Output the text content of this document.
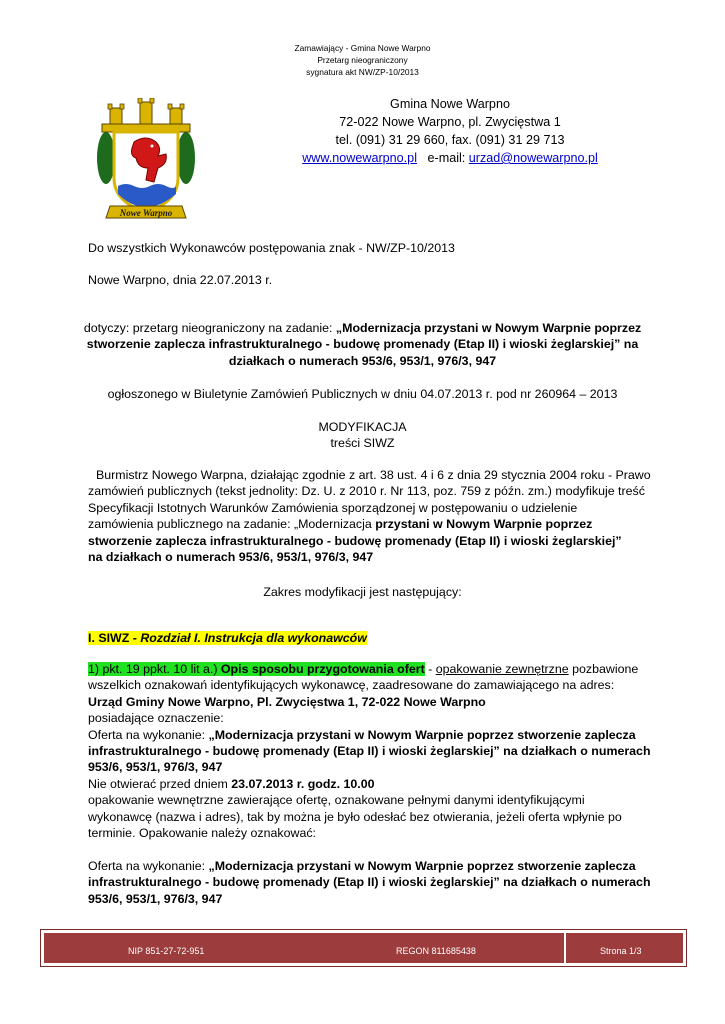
Zamawiający - Gmina Nowe Warpno
Przetarg nieograniczony
sygnatura akt NW/ZP-10/2013
Nowe Warpno
Gmina Nowe Warpno
72-022 Nowe Warpno, pl. Zwycięstwa 1
tel. (091) 31 29 660, fax. (091) 31 29 713
www.nowewarpno.pl e-mail: urzad@nowewarpno.pl
Do wszystkich Wykonawców postępowania znak - NW/ZP-10/2013
Nowe Warpno, dnia 22.07.2013 r.
dotyczy: przetarg nieograniczony na zadanie: „Modernizacja przystani w Nowym Warpnie poprzez
stworzenie zaplecza infrastrukturalnego - budowę promenady (Etap II) i wioski żeglarskiej” na
działkach o numerach 953/6, 953/1, 976/3, 947
ogłoszonego w Biuletynie Zamówień Publicznych w dniu 04.07.2013 r. pod nr 260964 – 2013
MODYFIKACJA
treści SIWZ
Burmistrz Nowego Warpna, działając zgodnie z art. 38 ust. 4 i 6 z dnia 29 stycznia 2004 roku - Prawo
zamówień publicznych (tekst jednolity: Dz. U. z 2010 r. Nr 113, poz. 759 z późn. zm.) modyfikuje treść
Specyfikacji Istotnych Warunków Zamówienia sporządzonej w postępowaniu o udzielenie
zamówienia publicznego na zadanie: „Modernizacja przystani w Nowym Warpnie poprzez
stworzenie zaplecza infrastrukturalnego - budowę promenady (Etap II) i wioski żeglarskiej”
na działkach o numerach 953/6, 953/1, 976/3, 947
Zakres modyfikacji jest następujący:
I. SIWZ - Rozdział I. Instrukcja dla wykonawców
1) pkt. 19 ppkt. 10 lit a.) Opis sposobu przygotowania ofert - opakowanie zewnętrzne pozbawione
wszelkich oznakowań identyfikujących wykonawcę, zaadresowane do zamawiającego na adres:
Urząd Gminy Nowe Warpno, Pl. Zwycięstwa 1, 72-022 Nowe Warpno
posiadające oznaczenie:
Oferta na wykonanie: „Modernizacja przystani w Nowym Warpnie poprzez stworzenie zaplecza
infrastrukturalnego - budowę promenady (Etap II) i wioski żeglarskiej” na działkach o numerach
953/6, 953/1, 976/3, 947
Nie otwierać przed dniem 23.07.2013 r. godz. 10.00
opakowanie wewnętrzne zawierające ofertę, oznakowane pełnymi danymi identyfikującymi
wykonawcę (nazwa i adres), tak by można je było odesłać bez otwierania, jeżeli oferta wpłynie po
terminie. Opakowanie należy oznakować:
Oferta na wykonanie: „Modernizacja przystani w Nowym Warpnie poprzez stworzenie zaplecza
infrastrukturalnego - budowę promenady (Etap II) i wioski żeglarskiej” na działkach o numerach
953/6, 953/1, 976/3, 947
NIP 851-27-72-951	REGON 811685438	Strona 1/3
